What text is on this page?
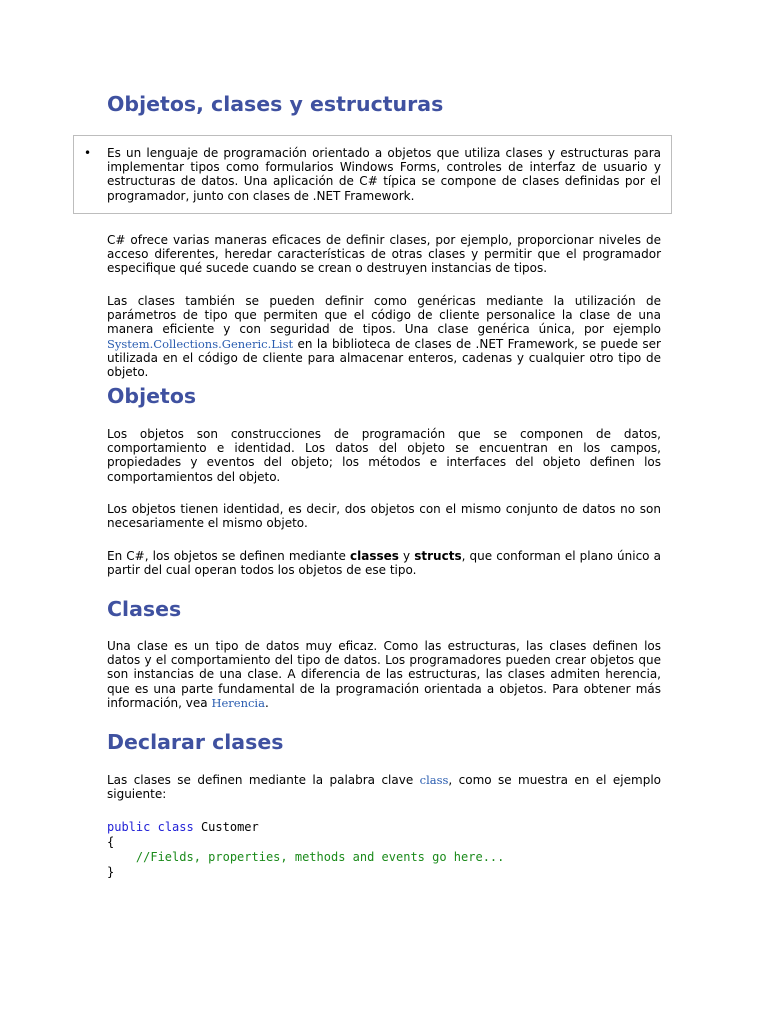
Objetos, clases y estructuras
• Es un lenguaje de programación orientado a objetos que utiliza clases y estructuras para implementar tipos como formularios Windows Forms, controles de interfaz de usuario y estructuras de datos. Una aplicación de C# típica se compone de clases definidas por el programador, junto con clases de .NET Framework.

C# ofrece varias maneras eficaces de definir clases, por ejemplo, proporcionar niveles de acceso diferentes, heredar características de otras clases y permitir que el programador especifique qué sucede cuando se crean o destruyen instancias de tipos.

Las clases también se pueden definir como genéricas mediante la utilización de parámetros de tipo que permiten que el código de cliente personalice la clase de una manera eficiente y con seguridad de tipos. Una clase genérica única, por ejemplo System.Collections.Generic.List en la biblioteca de clases de .NET Framework, se puede ser utilizada en el código de cliente para almacenar enteros, cadenas y cualquier otro tipo de objeto.

Objetos

Los objetos son construcciones de programación que se componen de datos, comportamiento e identidad. Los datos del objeto se encuentran en los campos, propiedades y eventos del objeto; los métodos e interfaces del objeto definen los comportamientos del objeto.

Los objetos tienen identidad, es decir, dos objetos con el mismo conjunto de datos no son necesariamente el mismo objeto.

En C#, los objetos se definen mediante classes y structs, que conforman el plano único a partir del cual operan todos los objetos de ese tipo.

Clases

Una clase es un tipo de datos muy eficaz. Como las estructuras, las clases definen los datos y el comportamiento del tipo de datos. Los programadores pueden crear objetos que son instancias de una clase. A diferencia de las estructuras, las clases admiten herencia, que es una parte fundamental de la programación orientada a objetos. Para obtener más información, vea Herencia.

Declarar clases

Las clases se definen mediante la palabra clave class, como se muestra en el ejemplo siguiente:

public class Customer
{
//Fields, properties, methods and events go here...
}
